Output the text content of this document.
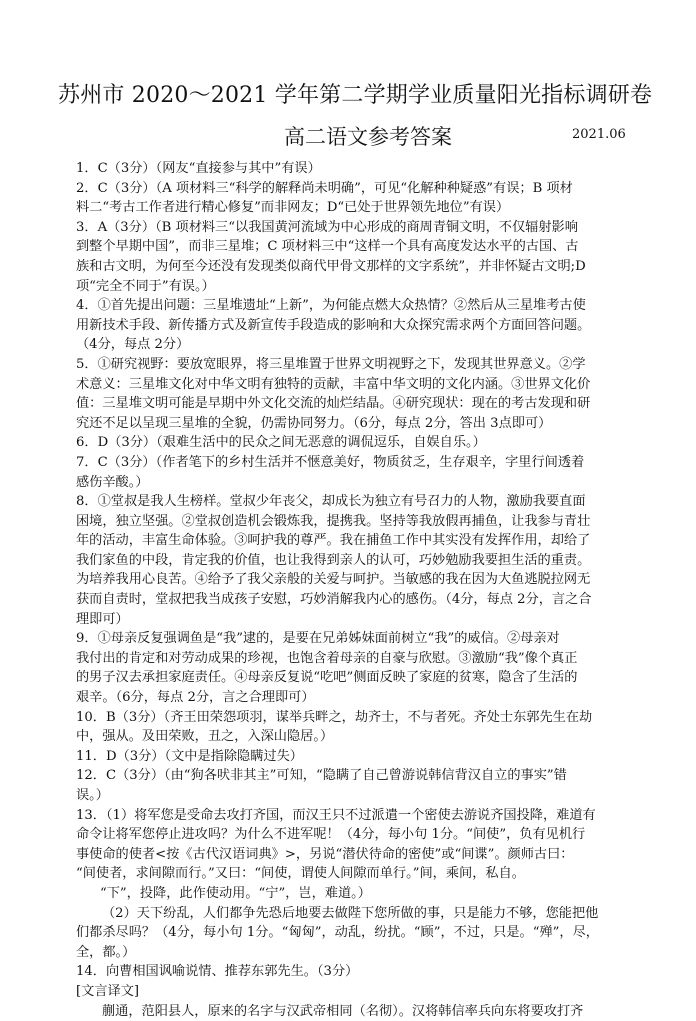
苏州市 2020～2021 学年第二学期学业质量阳光指标调研卷
高二语文参考答案	2021.06
1．C（3分）（网友“直接参与其中”有误）
2．C（3分）（A 项材料三“科学的解释尚未明确”，可见“化解种种疑惑”有误；B 项材
料二“考古工作者进行精心修复”而非网友；D“已处于世界领先地位”有误）
3．A（3分）（B 项材料三“以我国黄河流域为中心形成的商周青铜文明，不仅辐射影响
到整个早期中国”，而非三星堆；C 项材料三中“这样一个具有高度发达水平的古国、古
族和古文明，为何至今还没有发现类似商代甲骨文那样的文字系统”，并非怀疑古文明;D
项“完全不同于”有误。）
4．①首先提出问题：三星堆遗址“上新”，为何能点燃大众热情？②然后从三星堆考古使
用新技术手段、新传播方式及新宣传手段造成的影响和大众探究需求两个方面回答问题。
（4分，每点 2分）
5．①研究视野：要放宽眼界，将三星堆置于世界文明视野之下，发现其世界意义。②学
术意义：三星堆文化对中华文明有独特的贡献，丰富中华文明的文化内涵。③世界文化价
值：三星堆文明可能是早期中外文化交流的灿烂结晶。④研究现状：现在的考古发现和研
究还不足以呈现三星堆的全貌，仍需协同努力。（6分，每点 2分，答出 3点即可）
6．D（3分）（艰难生活中的民众之间无恶意的调侃逗乐，自娱自乐。）
7．C（3分）（作者笔下的乡村生活并不惬意美好，物质贫乏，生存艰辛，字里行间透着
感伤辛酸。）
8．①堂叔是我人生榜样。堂叔少年丧父，却成长为独立有号召力的人物，激励我要直面
困境，独立坚强。②堂叔创造机会锻炼我，提携我。坚持等我放假再捕鱼，让我参与青壮
年的活动，丰富生命体验。③呵护我的尊严。我在捕鱼工作中其实没有发挥作用，却给了
我们家鱼的中段，肯定我的价值，也让我得到亲人的认可，巧妙勉励我要担生活的重责。
为培养我用心良苦。④给予了我父亲般的关爱与呵护。当敏感的我在因为大鱼逃脱拉网无
获而自责时，堂叔把我当成孩子安慰，巧妙消解我内心的感伤。（4分，每点 2分，言之合
理即可）
9．①母亲反复强调鱼是“我”逮的，是要在兄弟姊妹面前树立“我”的威信。②母亲对
我付出的肯定和对劳动成果的珍视，也饱含着母亲的自豪与欣慰。③激励“我”像个真正
的男子汉去承担家庭责任。④母亲反复说“吃吧”侧面反映了家庭的贫寒，隐含了生活的
艰辛。（6分，每点 2分，言之合理即可）
10．B（3分）（齐王田荣怨项羽，谋举兵畔之，劫齐士，不与者死。齐处士东郭先生在劫
中，强从。及田荣败，丑之，入深山隐居。）
11．D（3分）（文中是指除隐瞒过失）
12．C（3分）（由“狗各吠非其主”可知，“隐瞒了自己曾游说韩信背汉自立的事实”错
误。）
13．（1）将军您是受命去攻打齐国，而汉王只不过派遣一个密使去游说齐国投降，难道有
命令让将军您停止进攻吗？为什么不进军呢！（4分，每小句 1分。“间使”，负有见机行
事使命的使者<按《古代汉语词典》>，另说“潜伏待命的密使”或“间谍”。颜师古曰：
“间使者，求间隙而行。”又曰：“间使，谓使人间隙而单行。”间，乘间，私自。
“下”，投降，此作使动用。“宁”，岂，难道。）
（2）天下纷乱，人们都争先恐后地要去做陛下您所做的事，只是能力不够，您能把他
们都杀尽吗？（4分，每小句 1分。“匈匈”，动乱，纷扰。“顾”，不过，只是。“殚”，尽，
全，都。）
14．向曹相国讽喻说情、推荐东郭先生。（3分）
[文言译文]
蒯通，范阳县人，原来的名字与汉武帝相同（名彻）。汉将韩信率兵向东将要攻打齐
